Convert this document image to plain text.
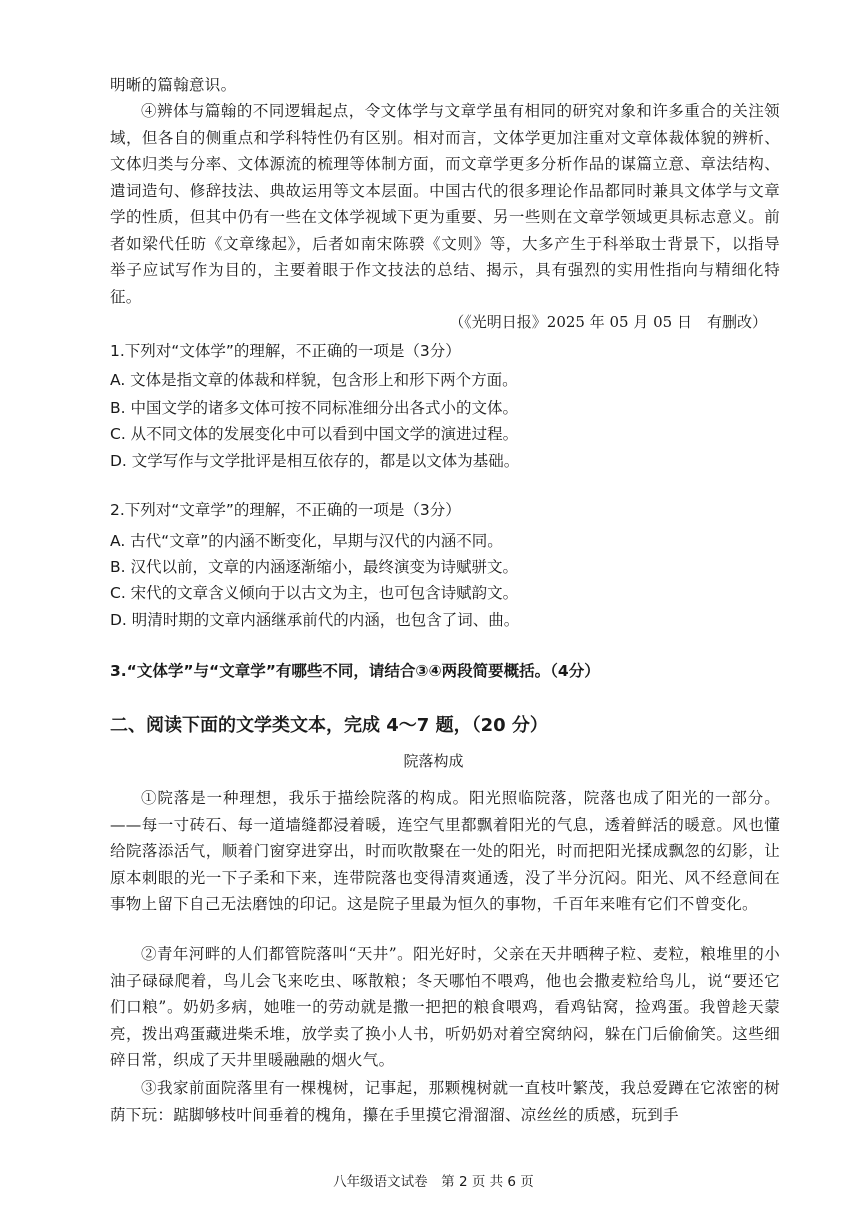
明晰的篇翰意识。
④辨体与篇翰的不同逻辑起点，令文体学与文章学虽有相同的研究对象和许多重合的关注领域，但各自的侧重点和学科特性仍有区别。相对而言，文体学更加注重对文章体裁体貌的辨析、文体归类与分率、文体源流的梳理等体制方面，而文章学更多分析作品的谋篇立意、章法结构、遣词造句、修辞技法、典故运用等文本层面。中国古代的很多理论作品都同时兼具文体学与文章学的性质，但其中仍有一些在文体学视域下更为重要、另一些则在文章学领域更具标志意义。前者如梁代任昉《文章缘起》，后者如南宋陈骙《文则》等，大多产生于科举取士背景下，以指导举子应试写作为目的，主要着眼于作文技法的总结、揭示，具有强烈的实用性指向与精细化特征。
（《光明日报》2025 年 05 月 05 日　有删改）
1.下列对“文体学”的理解，不正确的一项是（3分）
A. 文体是指文章的体裁和样貌，包含形上和形下两个方面。
B. 中国文学的诸多文体可按不同标准细分出各式小的文体。
C. 从不同文体的发展变化中可以看到中国文学的演进过程。
D. 文学写作与文学批评是相互依存的，都是以文体为基础。
2.下列对“文章学”的理解，不正确的一项是（3分）
A. 古代“文章”的内涵不断变化，早期与汉代的内涵不同。
B. 汉代以前，文章的内涵逐渐缩小，最终演变为诗赋骈文。
C. 宋代的文章含义倾向于以古文为主，也可包含诗赋韵文。
D. 明清时期的文章内涵继承前代的内涵，也包含了词、曲。
3.“文体学”与“文章学”有哪些不同，请结合③④两段简要概括。（4分）
二、阅读下面的文学类文本，完成 4～7 题，（20 分）
院落构成
①院落是一种理想，我乐于描绘院落的构成。阳光照临院落，院落也成了阳光的一部分。——每一寸砖石、每一道墙缝都浸着暖，连空气里都飘着阳光的气息，透着鲜活的暖意。风也懂给院落添活气，顺着门窗穿进穿出，时而吹散聚在一处的阳光，时而把阳光揉成飘忽的幻影，让原本刺眼的光一下子柔和下来，连带院落也变得清爽通透，没了半分沉闷。阳光、风不经意间在事物上留下自己无法磨蚀的印记。这是院子里最为恒久的事物，千百年来唯有它们不曾变化。
②青年河畔的人们都管院落叫“天井”。阳光好时，父亲在天井晒稗子粒、麦粒，粮堆里的小油子碌碌爬着，鸟儿会飞来吃虫、啄散粮；冬天哪怕不喂鸡，他也会撒麦粒给鸟儿，说“要还它们口粮”。奶奶多病，她唯一的劳动就是撒一把把的粮食喂鸡，看鸡钻窝，捡鸡蛋。我曾趁天蒙亮，拨出鸡蛋藏进柴禾堆，放学卖了换小人书，听奶奶对着空窝纳闷，躲在门后偷偷笑。这些细碎日常，织成了天井里暖融融的烟火气。
③我家前面院落里有一棵槐树，记事起，那颗槐树就一直枝叶繁茂，我总爱蹲在它浓密的树荫下玩：踮脚够枝叶间垂着的槐角，攥在手里摸它滑溜溜、凉丝丝的质感，玩到手
八年级语文试卷　第 2 页 共 6 页
